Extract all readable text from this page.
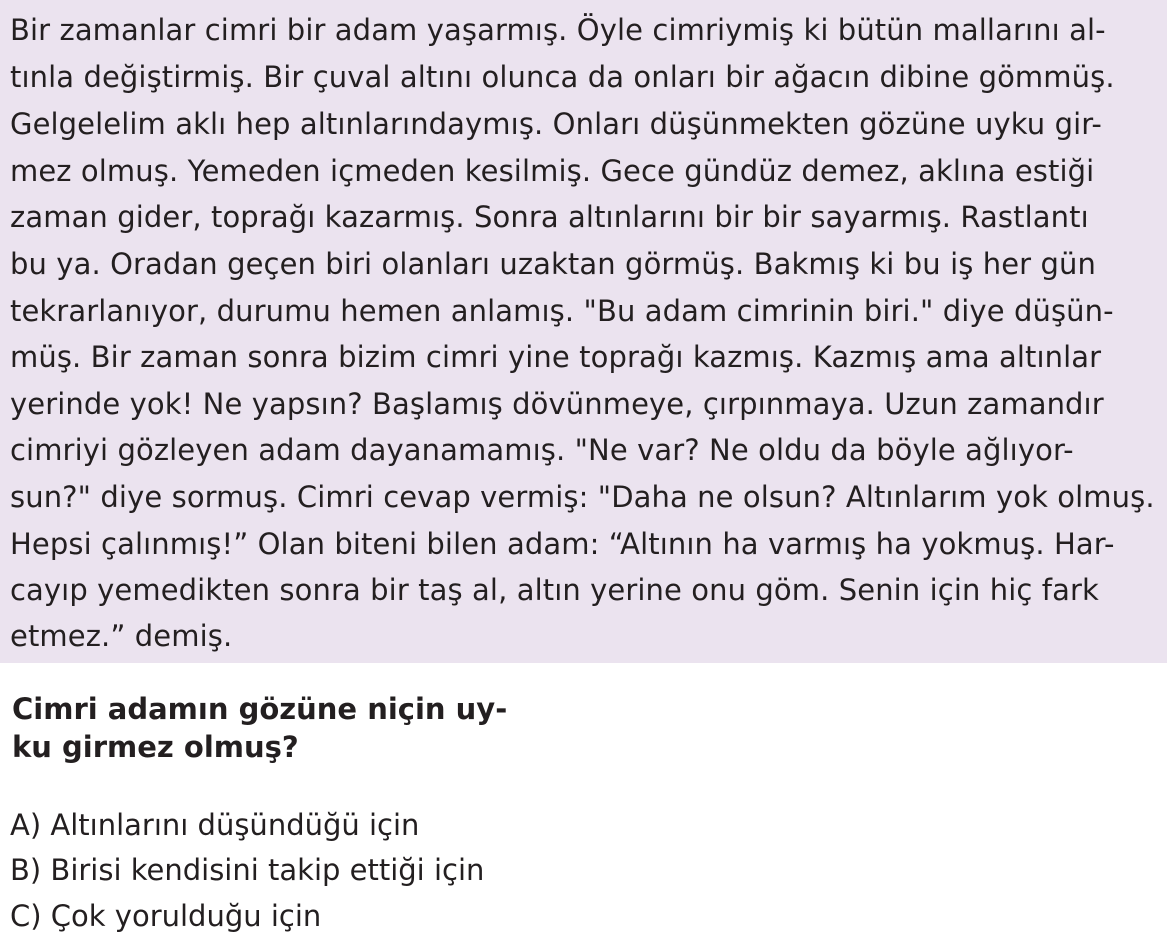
Bir zamanlar cimri bir adam yaşarmış. Öyle cimriymiş ki bütün mallarını al-
tınla değiştirmiş. Bir çuval altını olunca da onları bir ağacın dibine gömmüş.
Gelgelelim aklı hep altınlarındaymış. Onları düşünmekten gözüne uyku gir-
mez olmuş. Yemeden içmeden kesilmiş. Gece gündüz demez, aklına estiği
zaman gider, toprağı kazarmış. Sonra altınlarını bir bir sayarmış. Rastlantı
bu ya. Oradan geçen biri olanları uzaktan görmüş. Bakmış ki bu iş her gün
tekrarlanıyor, durumu hemen anlamış. "Bu adam cimrinin biri." diye düşün-
müş. Bir zaman sonra bizim cimri yine toprağı kazmış. Kazmış ama altınlar
yerinde yok! Ne yapsın? Başlamış dövünmeye, çırpınmaya. Uzun zamandır
cimriyi gözleyen adam dayanamamış. "Ne var? Ne oldu da böyle ağlıyor-
sun?" diye sormuş. Cimri cevap vermiş: "Daha ne olsun? Altınlarım yok olmuş.
Hepsi çalınmış!” Olan biteni bilen adam: “Altının ha varmış ha yokmuş. Har-
cayıp yemedikten sonra bir taş al, altın yerine onu göm. Senin için hiç fark
etmez.” demiş.
Cimri adamın gözüne niçin uy-
ku girmez olmuş?
A) Altınlarını düşündüğü için
B) Birisi kendisini takip ettiği için
C) Çok yorulduğu için
